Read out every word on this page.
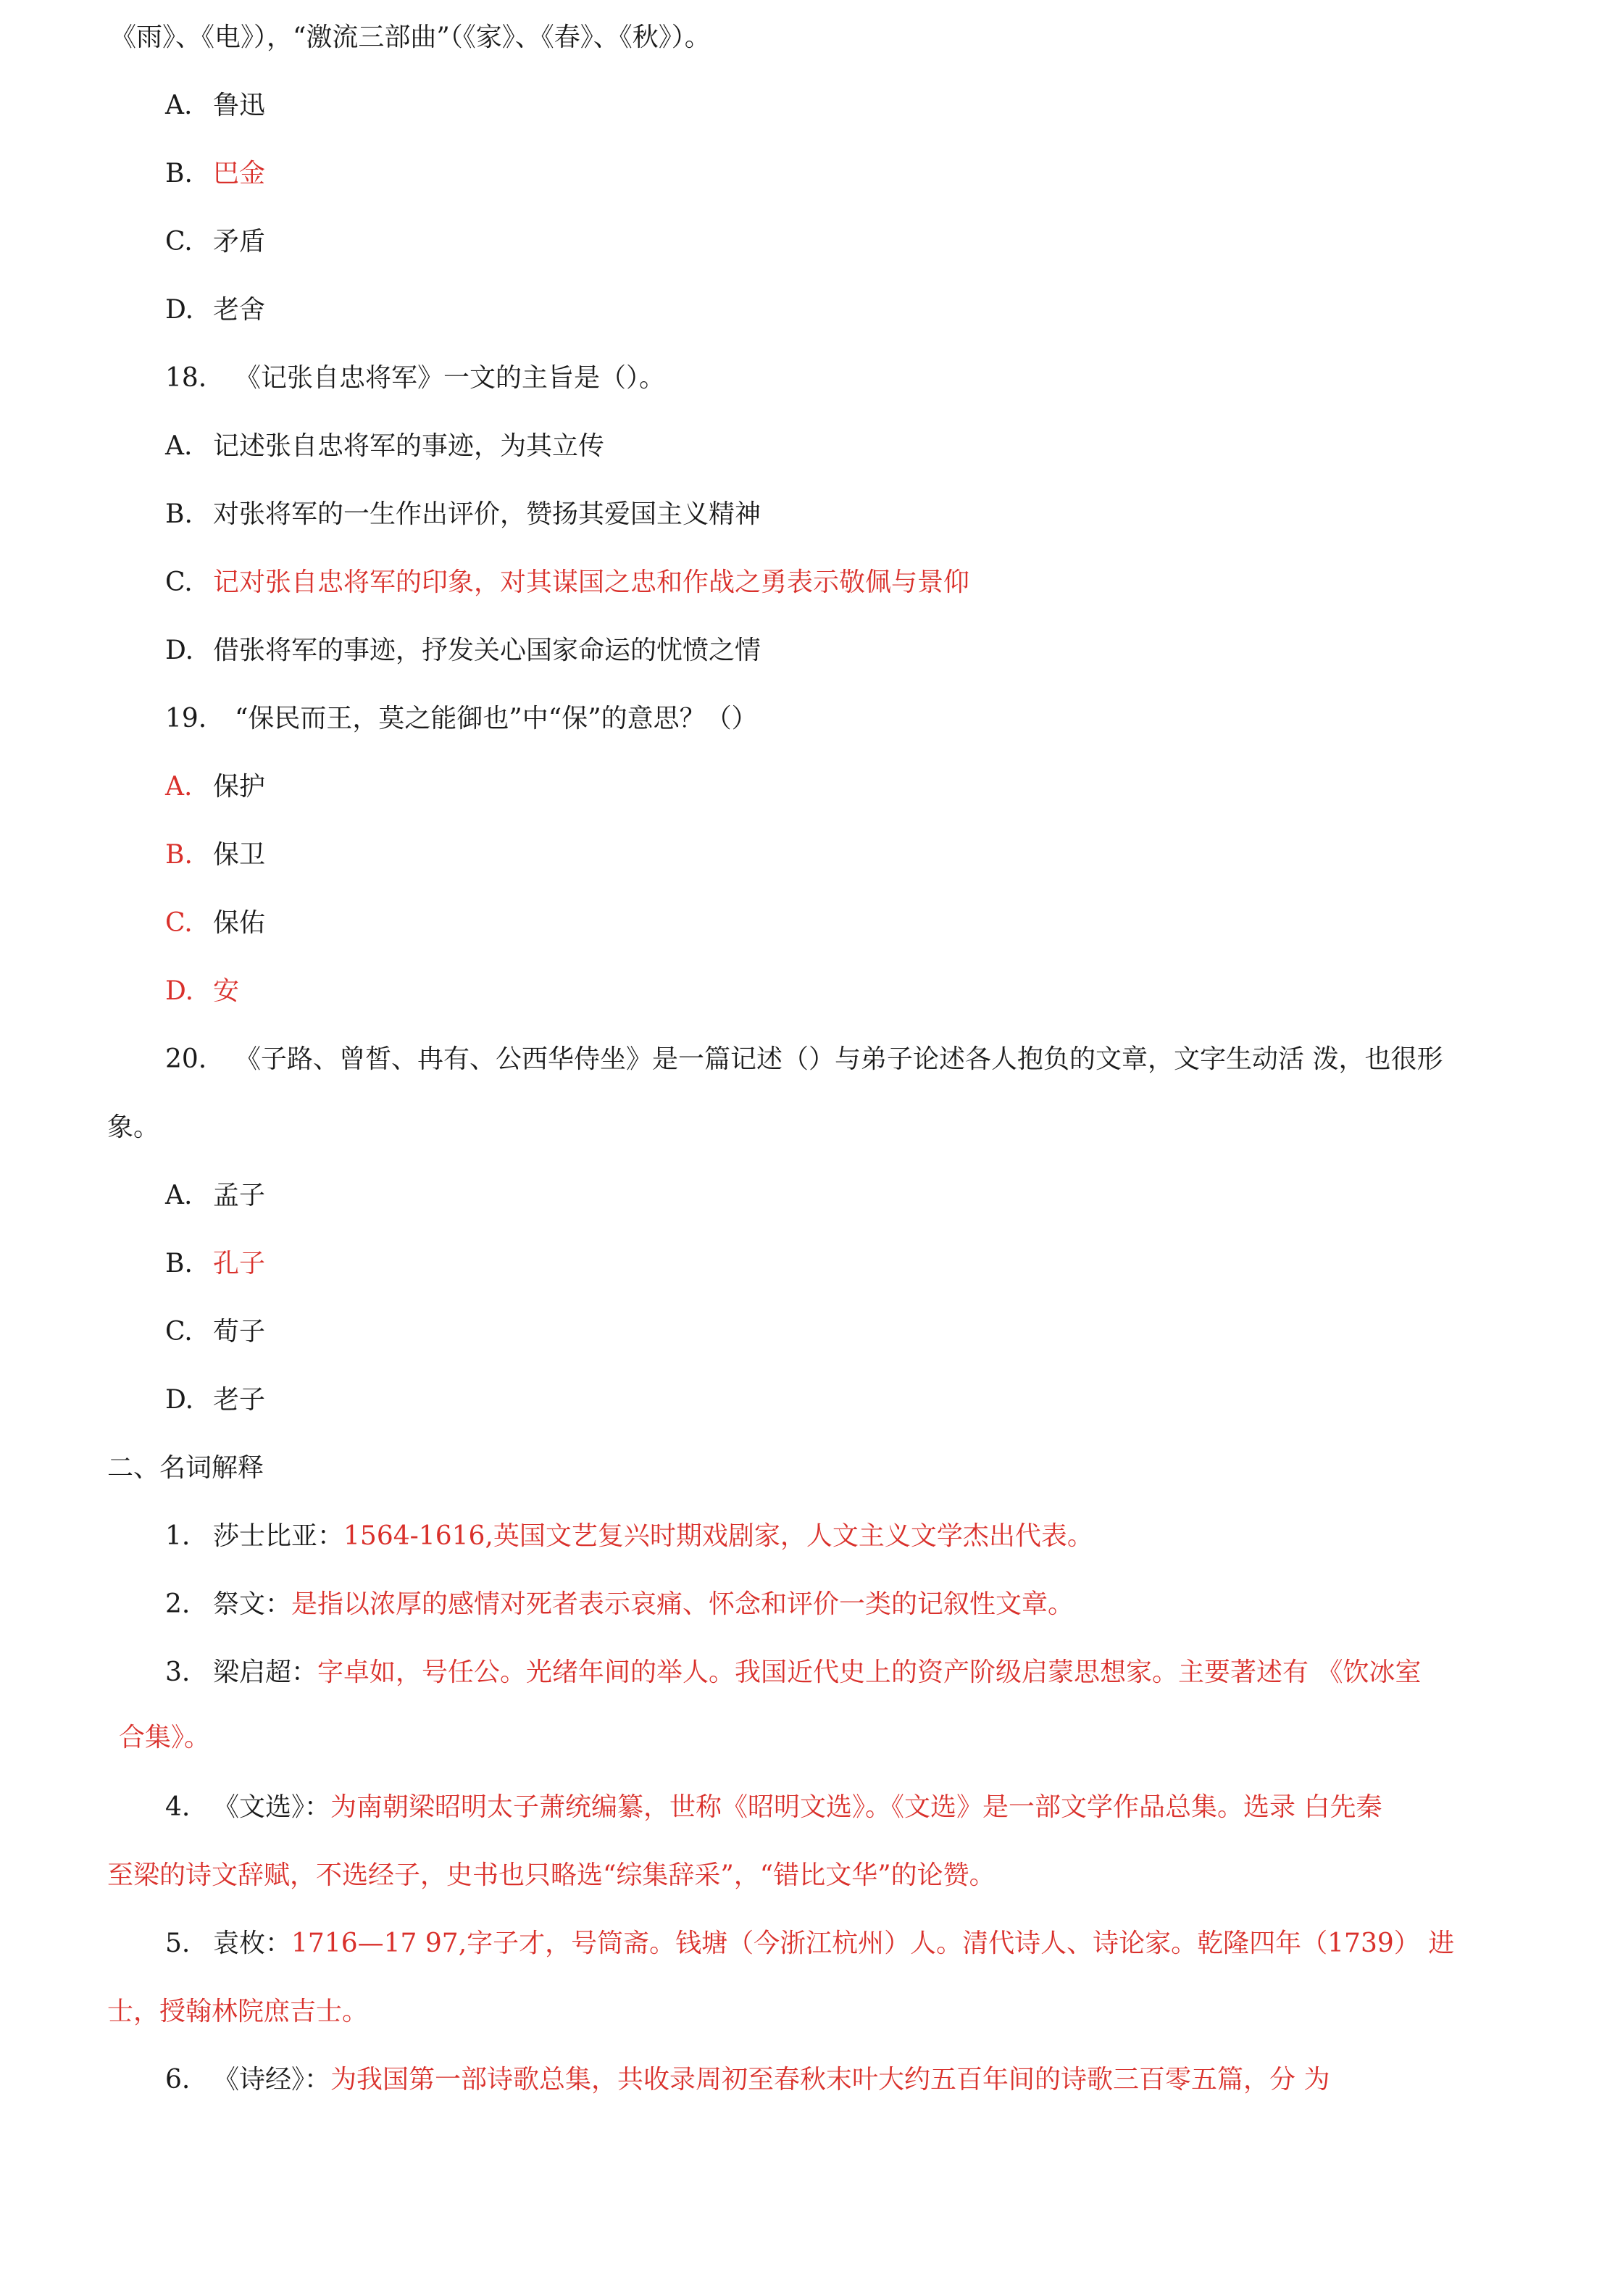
《雨》、《电》），“激流三部曲”（《家》、《春》、《秋》）。
A. 鲁迅
B. 巴金
C. 矛盾
D. 老舍
18. 《记张自忠将军》一文的主旨是（）。
A. 记述张自忠将军的事迹，为其立传
B. 对张将军的一生作出评价，赞扬其爱国主义精神
C. 记对张自忠将军的印象，对其谋国之忠和作战之勇表示敬佩与景仰
D. 借张将军的事迹，抒发关心国家命运的忧愤之情
19. “保民而王，莫之能御也”中“保”的意思？（）
A. 保护
B. 保卫
C. 保佑
D. 安
20. 《子路、曾皙、冉有、公西华侍坐》是一篇记述（）与弟子论述各人抱负的文章，文字生动活 泼，也很形
象。
A. 孟子
B. 孔子
C. 荀子
D. 老子
二、名词解释
1. 莎士比亚：1564-1616,英国文艺复兴时期戏剧家，人文主义文学杰出代表。
2. 祭文：是指以浓厚的感情对死者表示哀痛、怀念和评价一类的记叙性文章。
3. 梁启超：字卓如，号任公。光绪年间的举人。我国近代史上的资产阶级启蒙思想家。主要著述有 《饮冰室
合集》。
4. 《文选》：为南朝梁昭明太子萧统编纂，世称《昭明文选》。《文选》是一部文学作品总集。选录 白先秦
至梁的诗文辞赋，不选经子，史书也只略选“综集辞采”，“错比文华”的论赞。
5. 袁枚：1716—17 97,字子才，号筒斋。钱塘（今浙江杭州）人。清代诗人、诗论家。乾隆四年（1739） 进
士，授翰林院庶吉士。
6. 《诗经》：为我国第一部诗歌总集，共收录周初至春秋末叶大约五百年间的诗歌三百零五篇，分 为
